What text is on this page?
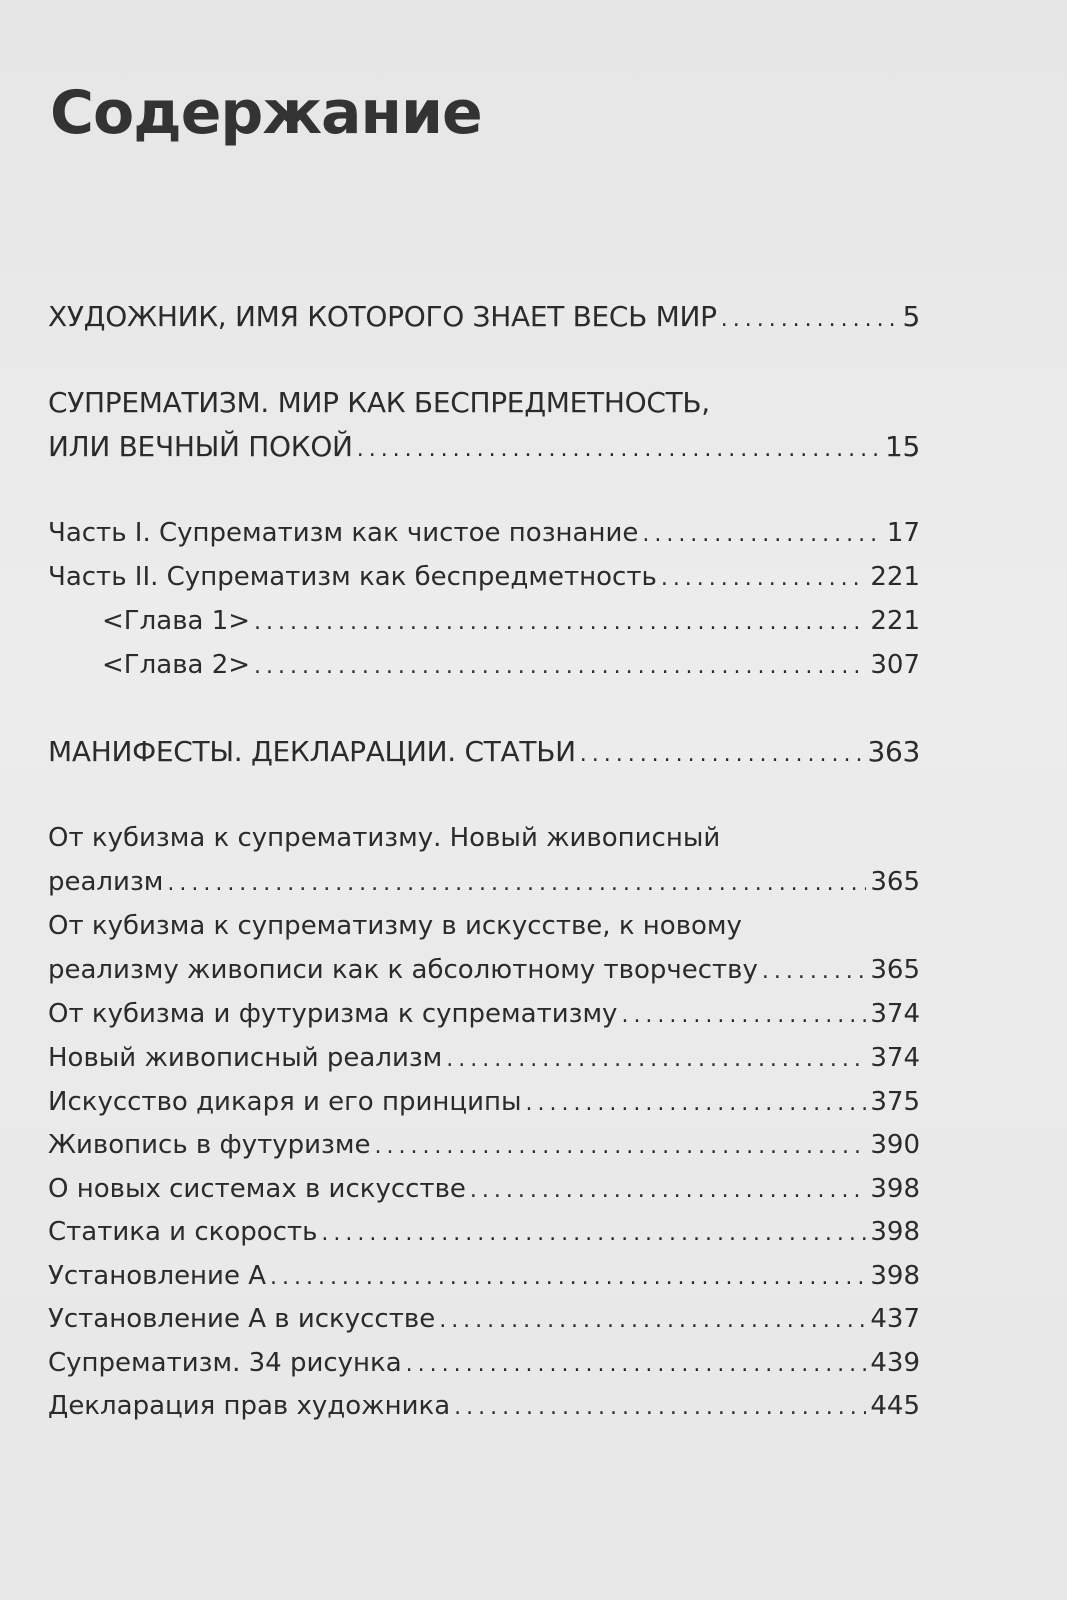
Содержание
ХУДОЖНИК, ИМЯ КОТОРОГО ЗНАЕТ ВЕСЬ МИР . . .	5
СУПРЕМАТИЗМ. МИР КАК БЕСПРЕДМЕТНОСТЬ,
ИЛИ ВЕЧНЫЙ ПОКОЙ . . .	15
Часть I. Супрематизм как чистое познание . . .	17
Часть II. Супрематизм как беспредметность . . .	221
<Глава 1> . . .	221
<Глава 2> . . .	307
МАНИФЕСТЫ. ДЕКЛАРАЦИИ. СТАТЬИ . . .	363
От кубизма к супрематизму. Новый живописный
реализм . . .	365
От кубизма к супрематизму в искусстве, к новому
реализму живописи как к абсолютному творчеству . . .	365
От кубизма и футуризма к супрематизму . . .	374
Новый живописный реализм . . .	374
Искусство дикаря и его принципы . . .	375
Живопись в футуризме . . .	390
О новых системах в искусстве . . .	398
Статика и скорость . . .	398
Установление А . . .	398
Установление А в искусстве . . .	437
Супрематизм. 34 рисунка . . .	439
Декларация прав художника . . .	445
